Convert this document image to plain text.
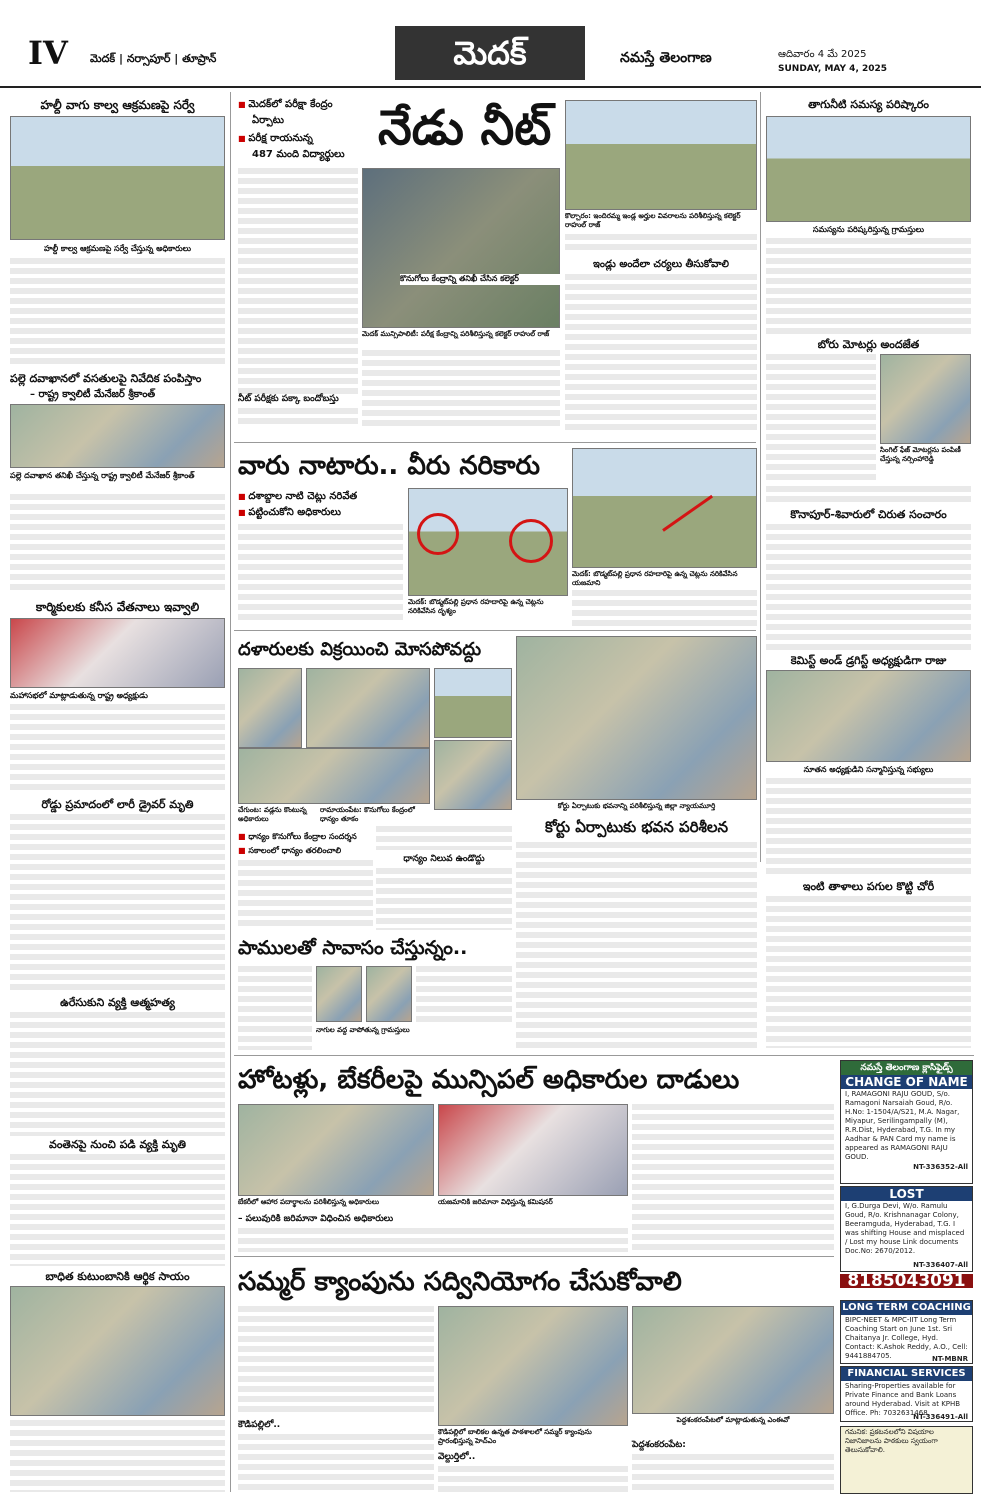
IV మెదక్ | నర్సాపూర్ | తూప్రాన్	మెదక్	నమస్తే తెలంగాణ	ఆదివారం 4 మే 2025
SUNDAY, MAY 4, 2025
హల్దీ వాగు కాల్వ ఆక్రమణపై సర్వే
హల్దీ కాల్వ ఆక్రమణపై సర్వే చేస్తున్న అధికారులు
పల్లె దవాఖానలో వసతులపై నివేదిక పంపిస్తాం
– రాష్ట్ర క్వాలిటీ మేనేజర్ శ్రీకాంత్
పల్లె దవాఖాన తనిఖీ చేస్తున్న రాష్ట్ర క్వాలిటీ మేనేజర్ శ్రీకాంత్
కార్మికులకు కనీస వేతనాలు ఇవ్వాలి
మహాసభలో మాట్లాడుతున్న రాష్ట్ర అధ్యక్షుడు
రోడ్డు ప్రమాదంలో లారీ డ్రైవర్ మృతి
ఉరేసుకుని వ్యక్తి ఆత్మహత్య
వంతెనపై నుంచి పడి వ్యక్తి మృతి
బాధిత కుటుంబానికి ఆర్థిక సాయం
■ మెదక్‌లో పరీక్షా కేంద్రం
ఏర్పాటు
■ పరీక్ష రాయనున్న
487 మంది విద్యార్థులు నేడు నీట్
మెదక్ మున్సిపాలిటీ: పరీక్ష కేంద్రాన్ని పరిశీలిస్తున్న కలెక్టర్ రాహుల్ రాజ్
నీట్ పరీక్షకు పక్కా బందోబస్తు
కొనుగోలు కేంద్రాన్ని తనిఖీ చేసిన కలెక్టర్
కొల్చారం: ఇందిరమ్మ ఇండ్ల అర్హుల వివరాలను పరిశీలిస్తున్న కలెక్టర్ రాహుల్ రాజ్
ఇండ్లు అందేలా చర్యలు తీసుకోవాలి
తాగునీటి సమస్య పరిష్కారం
సమస్యను పరిష్కరిస్తున్న గ్రామస్తులు
బోరు మోటర్లు అందజేత
సింగిల్ ఫేజ్ మోటర్లను పంపిణీ చేస్తున్న నర్సింహారెడ్డి
కొనాపూర్-శివారులో చిరుత సంచారం
కెమిస్ట్ అండ్ డ్రగిస్ట్ అధ్యక్షుడిగా రాజు
నూతన అధ్యక్షుడిని సన్మానిస్తున్న సభ్యులు
ఇంటి తాళాలు పగుల కొట్టి చోరీ
వారు నాటారు.. వీరు నరికారు
■ దశాబ్దాల నాటి చెట్లు నరివేత
■ పట్టించుకోని అధికారులు
మెదక్: బొడ్మట్‌పల్లి ప్రధాన రహదారిపై ఉన్న చెట్లను నరికివేసిన దృశ్యం
మెదక్: బొడ్మట్‌పల్లి ప్రధాన రహదారిపై ఉన్న చెట్లను నరికివేసిన యజమాని
దళారులకు విక్రయించి మోసపోవద్దు
చేగుంట: వడ్లను కొంటున్న అధికారులు
రామాయంపేట: కొనుగోలు కేంద్రంలో ధాన్యం తూకం
■ ధాన్యం కొనుగోలు కేంద్రాల సందర్శన
■ సకాలంలో ధాన్యం తరలించాలి
ధాన్యం నిలువ ఉండొద్దు
కోర్టు ఏర్పాటుకు భవనాన్ని పరిశీలిస్తున్న జిల్లా న్యాయమూర్తి
కోర్టు ఏర్పాటుకు భవన పరిశీలన
పాములతో సావాసం చేస్తున్నం..
నాగుల వద్ద వాపోతున్న గ్రామస్తులు
హోటళ్లు, బేకరీలపై మున్సిపల్ అధికారుల దాడులు
బేకరీలో ఆహార పదార్థాలను పరిశీలిస్తున్న అధికారులు	యజమానికి జరిమానా విధిస్తున్న కమిషనర్
– పలువురికి జరిమానా విధించిన అధికారులు
సమ్మర్ క్యాంపును సద్వినియోగం చేసుకోవాలి
కౌడిపల్లిలో బాలికల ఉన్నత పాఠశాలలో సమ్మర్ క్యాంపును ప్రారంభిస్తున్న హెచ్ఎం
పెద్దశంకరంపేటలో మాట్లాడుతున్న ఎంఈవో
కౌడిపల్లిలో..
వెల్దుర్తిలో..
పెద్దశంకరంపేట:
నమస్తే తెలంగాణ క్లాసిఫైడ్స్
CHANGE OF NAME
I, RAMAGONI RAJU GOUD, S/o. Ramagoni Narsaiah Goud, R/o. H.No: 1-1504/A/S21, M.A. Nagar, Miyapur, Serilingampally (M), R.R.Dist, Hyderabad, T.G. In my Aadhar & PAN Card my name is appeared as RAMAGONI RAJU GOUD.
NT-336352-All
LOST
I, G.Durga Devi, W/o. Ramulu Goud, R/o. Krishnanagar Colony, Beeramguda, Hyderabad, T.G. I was shifting House and misplaced / Lost my house Link documents Doc.No: 2670/2012.
NT-336407-All
8185043091
LONG TERM COACHING
BIPC-NEET & MPC-IIT Long Term Coaching Start on June 1st. Sri Chaitanya Jr. College, Hyd. Contact: K.Ashok Reddy, A.O., Cell: 9441884705.	NT-MBNR
FINANCIAL SERVICES
Sharing-Properties available for Private Finance and Bank Loans around Hyderabad. Visit at KPHB Office. Ph: 7032631468.
NT-336491-All
గమనిక: ప్రకటనలలోని విషయాల నిజానిజాలను పాఠకులు స్వయంగా తెలుసుకోవాలి.
